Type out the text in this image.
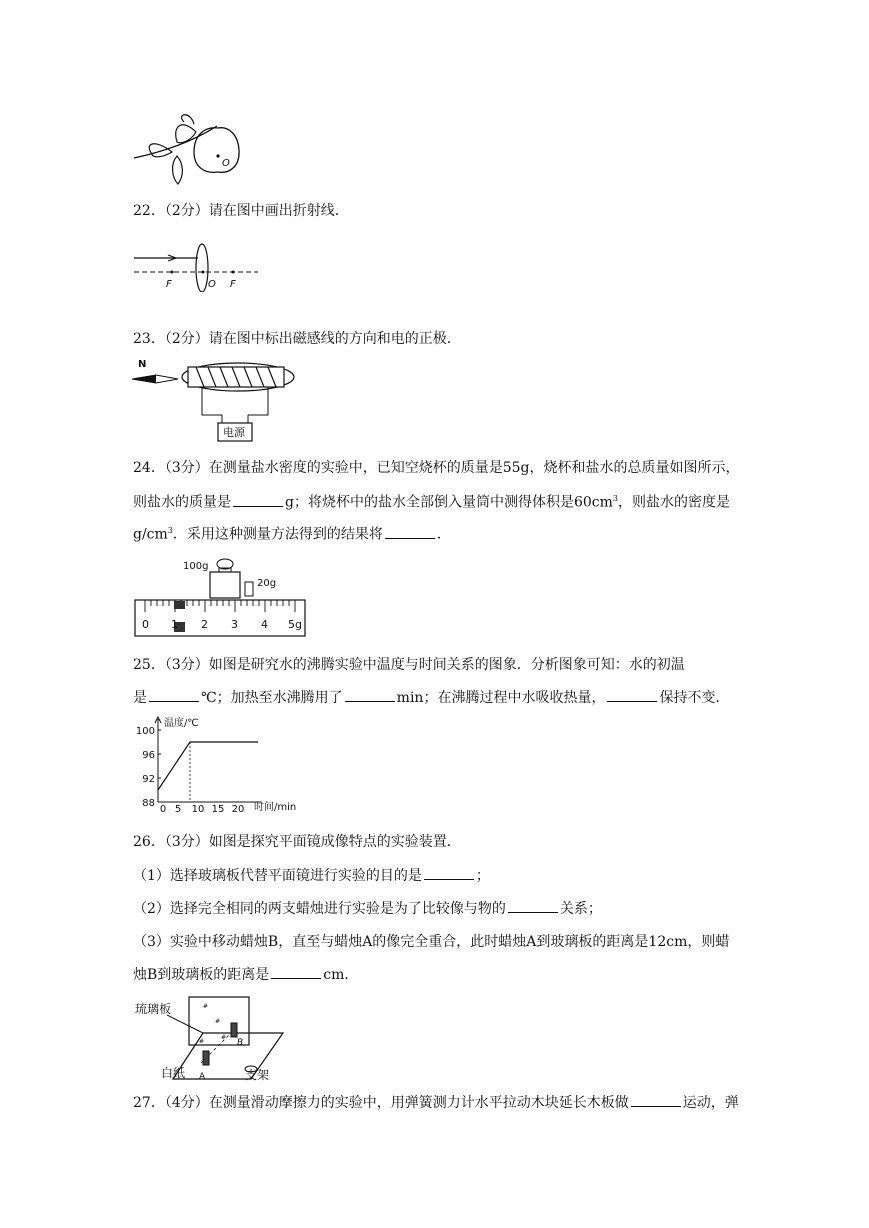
O
22．（2分）请在图中画出折射线．
F	O F
23．（2分）请在图中标出磁感线的方向和电的正极．
N
电源
24．（3分）在测量盐水密度的实验中，已知空烧杯的质量是55g，烧杯和盐水的总质量如图所示，
则盐水的质量是	g；将烧杯中的盐水全部倒入量筒中测得体积是$60cm^3$，则盐水的密度是
$g/cm^3$．采用这种测量方法得到的结果将	．
100g
20g
0 1 2 3 4 5g
25．（3分）如图是研究水的沸腾实验中温度与时间关系的图象．分析图象可知：水的初温
是	℃；加热至水沸腾用了	min；在沸腾过程中水吸收热量，	保持不变．
温度/℃
时间/min
88
92
96
100
0 5 10 15 20
26．（3分）如图是探究平面镜成像特点的实验装置．
（1）选择玻璃板代替平面镜进行实验的目的是	；
（2）选择完全相同的两支蜡烛进行实验是为了比较像与物的	关系；
（3）实验中移动蜡烛B，直至与蜡烛A的像完全重合，此时蜡烛A到玻璃板的距离是12cm，则蜡
烛B到玻璃板的距离是	cm．
#
#
#
#
琉璃板
白纸	支架
A
B
27．（4分）在测量滑动摩擦力的实验中，用弹簧测力计水平拉动木块延长木板做	运动，弹
